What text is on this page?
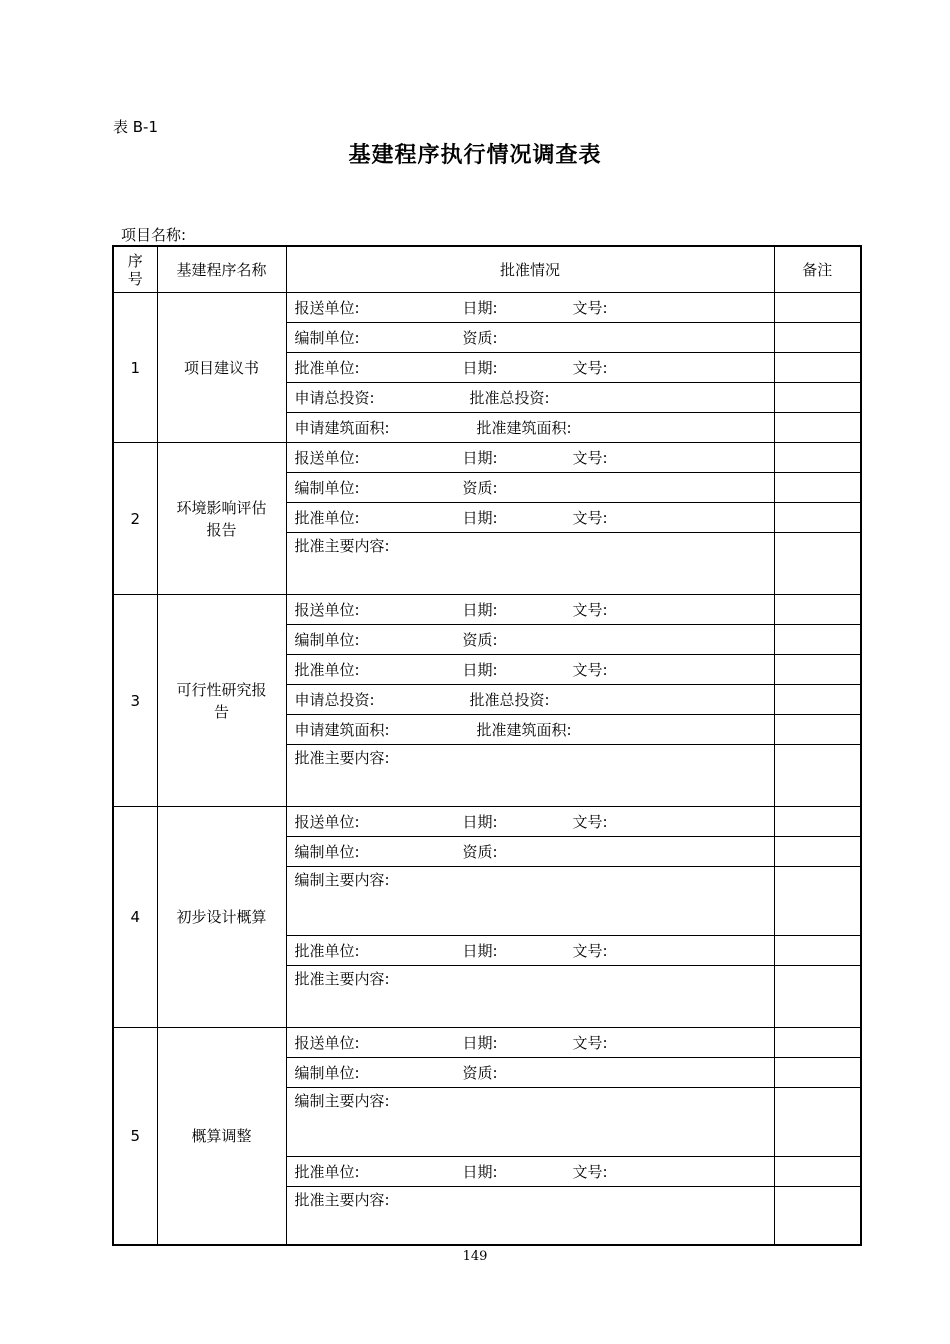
表 B-1
基建程序执行情况调查表
项目名称:
序号	基建程序名称	批准情况	备注
1	项目建议书	报送单位: 日期: 文号:	
		编制单位: 资质:	
		批准单位: 日期: 文号:	
		申请总投资: 批准总投资:	
		申请建筑面积: 批准建筑面积:	
2	环境影响评估报告	报送单位: 日期: 文号:	
		编制单位: 资质:	
		批准单位: 日期: 文号:	
		批准主要内容:	
3	可行性研究报告	报送单位: 日期: 文号:	
		编制单位: 资质:	
		批准单位: 日期: 文号:	
		申请总投资: 批准总投资:	
		申请建筑面积: 批准建筑面积:	
		批准主要内容:	
4	初步设计概算	报送单位: 日期: 文号:	
		编制单位: 资质:	
		编制主要内容:	
		批准单位: 日期: 文号:	
		批准主要内容:	
5	概算调整	报送单位: 日期: 文号:	
		编制单位: 资质:	
		编制主要内容:	
		批准单位: 日期: 文号:	
		批准主要内容:	
149
